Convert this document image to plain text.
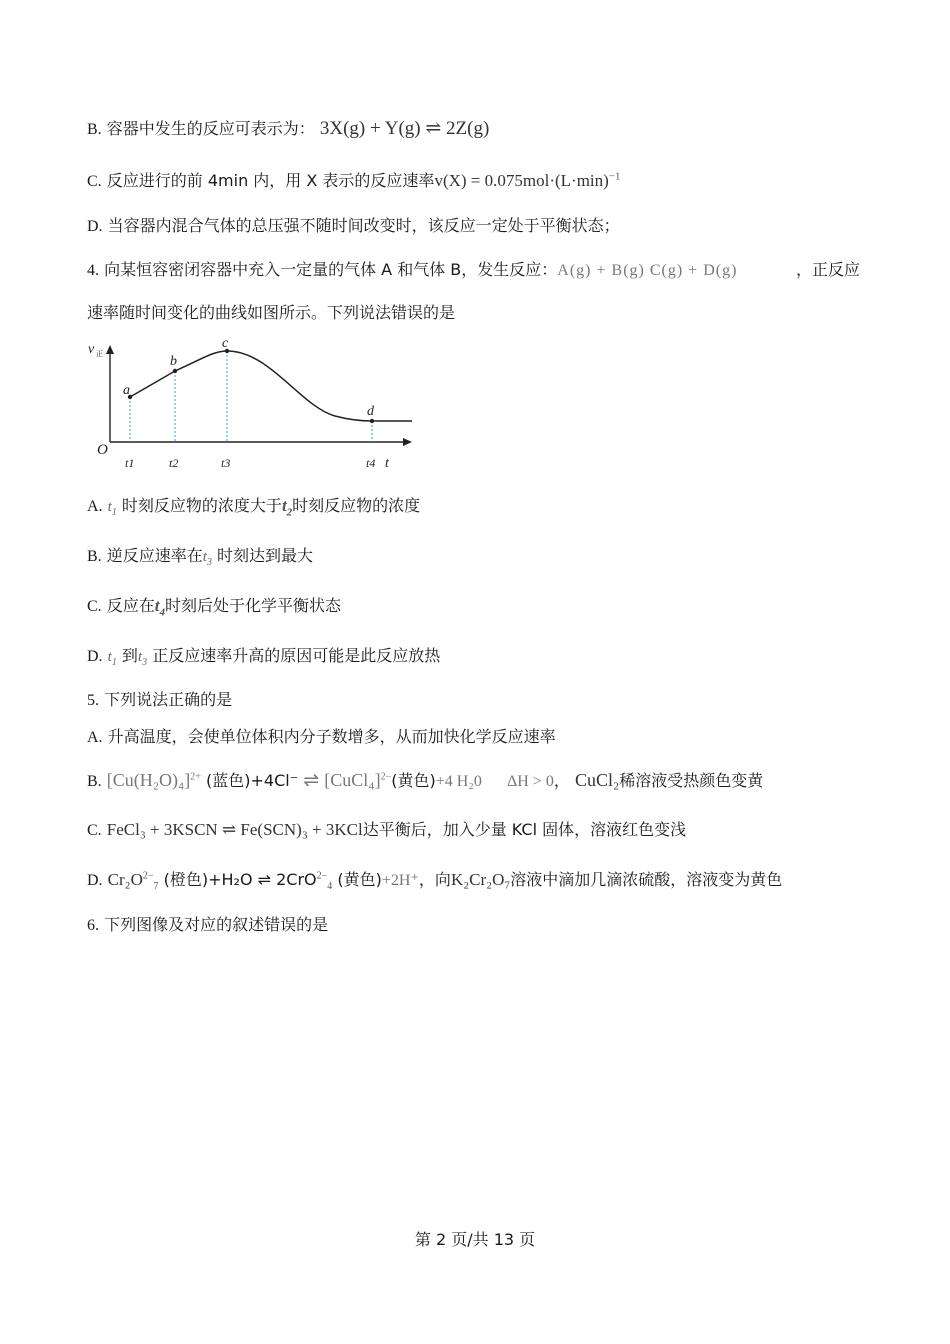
B. 容器中发生的反应可表示为： 3X(g) + Y(g) ⇌ 2Z(g)
C. 反应进行的前 4min 内，用 X 表示的反应速率$v(X) = 0.075mol\cdot(L\cdot\min)^{-1}$
D. 当容器内混合气体的总压强不随时间改变时，该反应一定处于平衡状态；
4. 向某恒容密闭容器中充入一定量的气体 A 和气体 B，发生反应：A(g) + B(g) C(g) + D(g)	，正反应
速率随时间变化的曲线如图所示。下列说法错误的是
v 正
t
O
a
b
c
d
t1	t2	t3	t4
A. $t_1$ 时刻反应物的浓度大于$t_2$时刻反应物的浓度
B. 逆反应速率在$t_3$ 时刻达到最大
C. 反应在$t_4$时刻后处于化学平衡状态
D. $t_1$ 到$t_3$ 正反应速率升高的原因可能是此反应放热
5. 下列说法正确的是
A. 升高温度，会使单位体积内分子数增多，从而加快化学反应速率
B. $[Cu(H_2O)_4]^{2+}$ (蓝色)+4Cl⁻ ⇌ [CuCl₄]$^{2-}$(黄色)+4 H₂0 ΔH > 0， CuCl₂稀溶液受热颜色变黄
C. FeCl₃ + 3KSCN ⇌ Fe(SCN)₃ + 3KCl达平衡后，加入少量 KCl 固体，溶液红色变浅
D. $Cr_2O^{2-}_7$ (橙色)+H₂O ⇌ 2CrO$^{2-}_4$ (黄色)+2H⁺，向K₂Cr₂O₇溶液中滴加几滴浓硫酸，溶液变为黄色
6. 下列图像及对应的叙述错误的是
第 2 页/共 13 页
